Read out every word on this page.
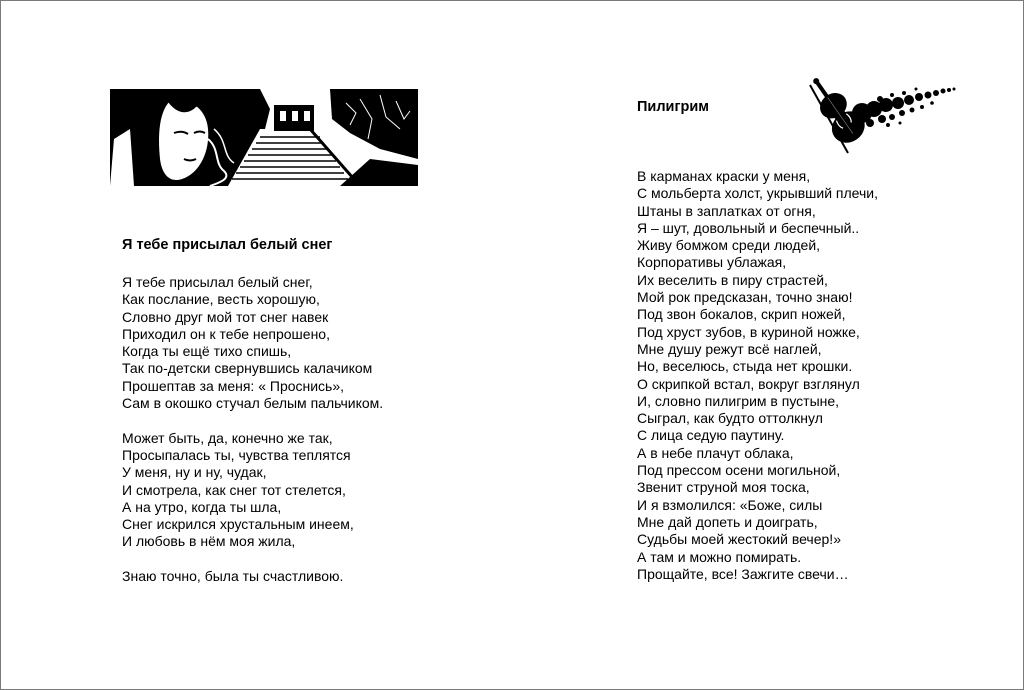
Я тебе присылал белый снег
Я тебе присылал белый снег,
Как послание, весть хорошую,
Словно друг мой тот снег навек
Приходил он к тебе непрошено,
Когда ты ещё тихо спишь,
Так по-детски свернувшись калачиком
Прошептав за меня: « Проснись»,
Сам в окошко стучал белым пальчиком.
Может быть, да, конечно же так,
Просыпалась ты, чувства теплятся
У меня, ну и ну, чудак,
И смотрела, как снег тот стелется,
А на утро, когда ты шла,
Снег искрился хрустальным инеем,
И любовь в нём моя жила,
Знаю точно, была ты счастливою.
Пилигрим
В карманах краски у меня,
С мольберта холст, укрывший плечи,
Штаны в заплатках от огня,
Я – шут, довольный и беспечный..
Живу бомжом среди людей,
Корпоративы ублажая,
Их веселить в пиру страстей,
Мой рок предсказан, точно знаю!
Под звон бокалов, скрип ножей,
Под хруст зубов, в куриной ножке,
Мне душу режут всё наглей,
Но, веселюсь, стыда нет крошки.
О скрипкой встал, вокруг взглянул
И, словно пилигрим в пустыне,
Сыграл, как будто оттолкнул
С лица седую паутину.
А в небе плачут облака,
Под прессом осени могильной,
Звенит струной моя тоска,
И я взмолился: «Боже, силы
Мне дай допеть и доиграть,
Судьбы моей жестокий вечер!»
А там и можно помирать.
Прощайте, все! Зажгите свечи…
